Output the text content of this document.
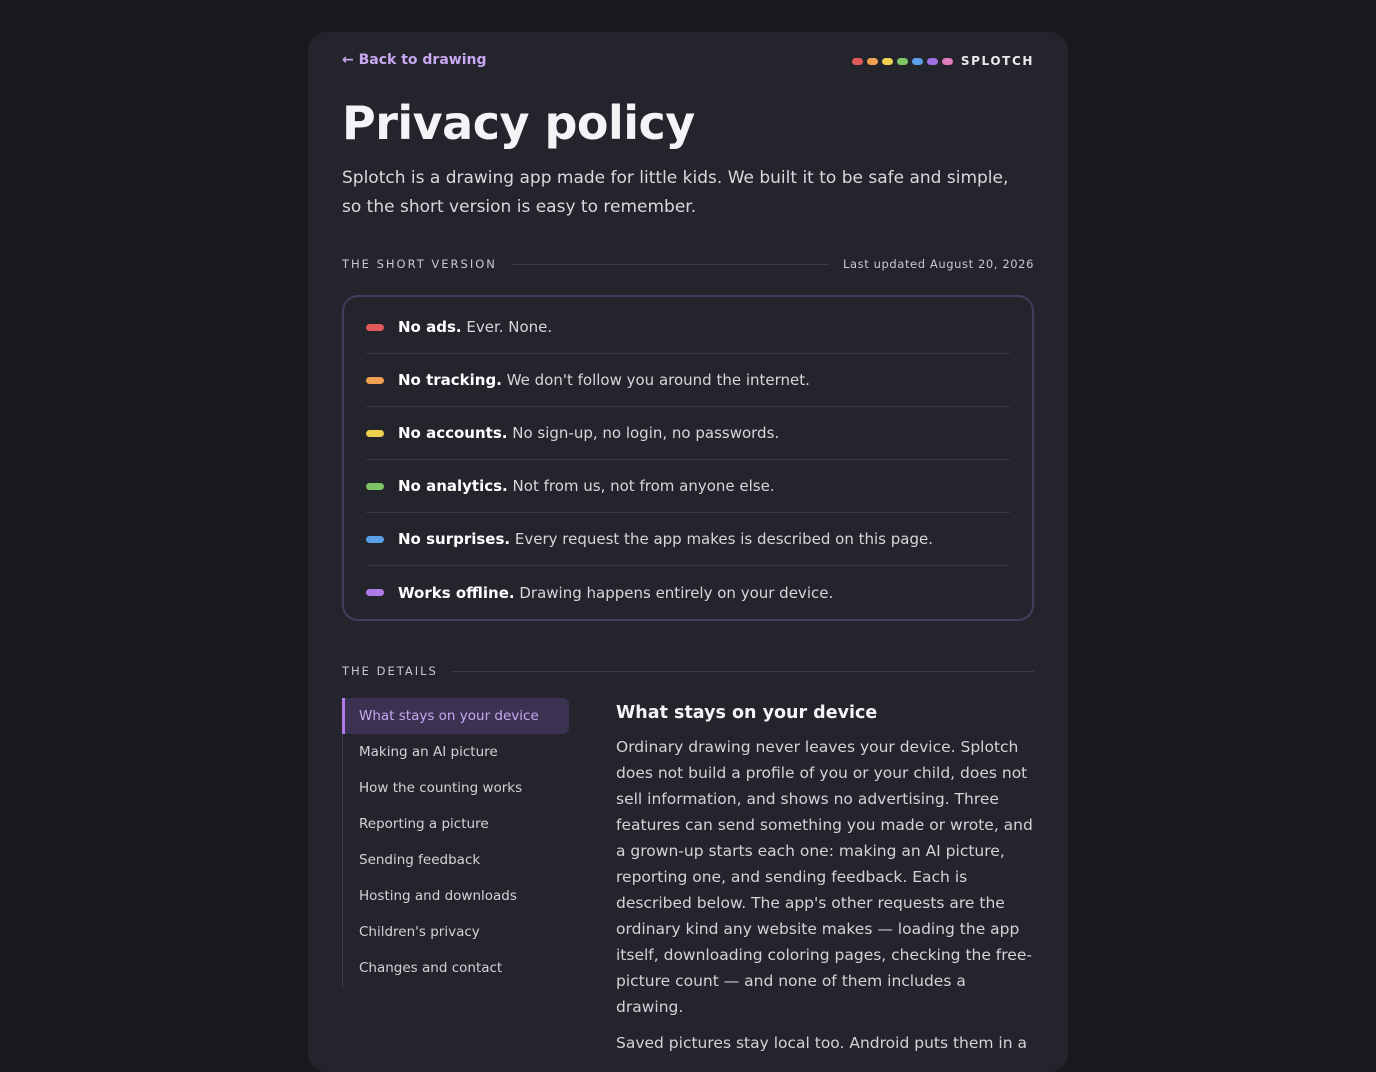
← Back to drawing	SPLOTCH
Privacy policy

Splotch is a drawing app made for little kids. We built it to be safe and simple, so the short version is easy to remember.

THE SHORT VERSION	Last updated August 20, 2026
No ads. Ever. None.
No tracking. We don't follow you around the internet.
No accounts. No sign-up, no login, no passwords.
No analytics. Not from us, not from anyone else.
No surprises. Every request the app makes is described on this page.
Works offline. Drawing happens entirely on your device.
THE DETAILS
What stays on your device
Making an AI picture
How the counting works
Reporting a picture
Sending feedback
Hosting and downloads
Children's privacy
Changes and contact
What stays on your device

Ordinary drawing never leaves your device. Splotch does not build a profile of you or your child, does not sell information, and shows no advertising. Three features can send something you made or wrote, and a grown-up starts each one: making an AI picture, reporting one, and sending feedback. Each is described below. The app's other requests are the ordinary kind any website makes — loading the app itself, downloading coloring pages, checking the free-picture count — and none of them includes a drawing.

Saved pictures stay local too. Android puts them in a
